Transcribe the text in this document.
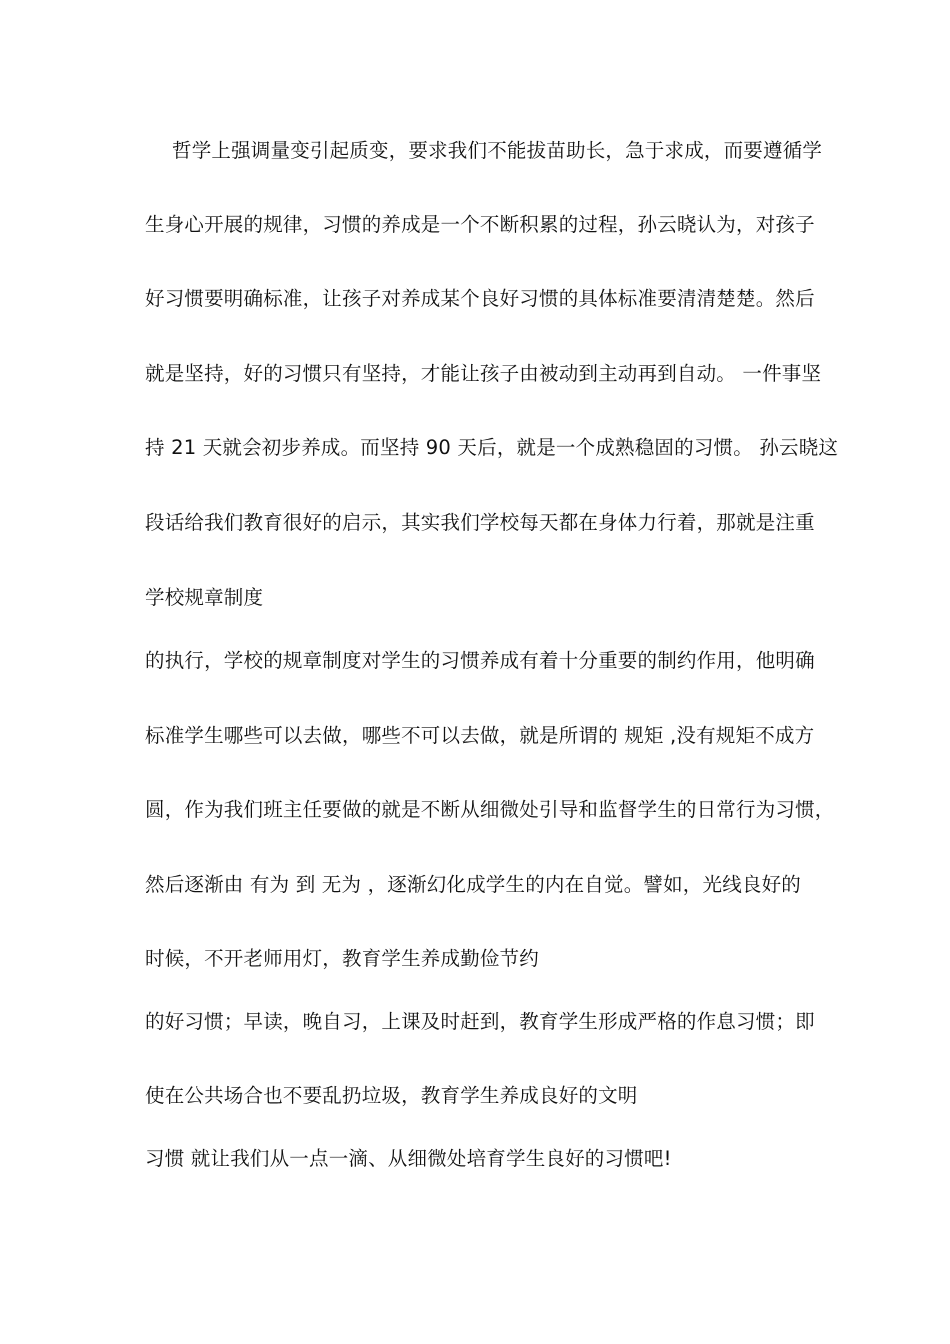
哲学上强调量变引起质变，要求我们不能拔苗助长，急于求成，而要遵循学
生身心开展的规律，习惯的养成是一个不断积累的过程，孙云晓认为，对孩子
好习惯要明确标准，让孩子对养成某个良好习惯的具体标准要清清楚楚。然后
就是坚持，好的习惯只有坚持，才能让孩子由被动到主动再到自动。 一件事坚
持 21 天就会初步养成。而坚持 90 天后，就是一个成熟稳固的习惯。 孙云晓这
段话给我们教育很好的启示，其实我们学校每天都在身体力行着，那就是注重
学校规章制度
的执行，学校的规章制度对学生的习惯养成有着十分重要的制约作用，他明确
标准学生哪些可以去做，哪些不可以去做，就是所谓的 规矩 ,没有规矩不成方
圆，作为我们班主任要做的就是不断从细微处引导和监督学生的日常行为习惯，
然后逐渐由 有为 到 无为 ，逐渐幻化成学生的内在自觉。譬如，光线良好的
时候，不开老师用灯，教育学生养成勤俭节约
的好习惯；早读，晚自习，上课及时赶到，教育学生形成严格的作息习惯；即
使在公共场合也不要乱扔垃圾，教育学生养成良好的文明
习惯 就让我们从一点一滴、从细微处培育学生良好的习惯吧!
